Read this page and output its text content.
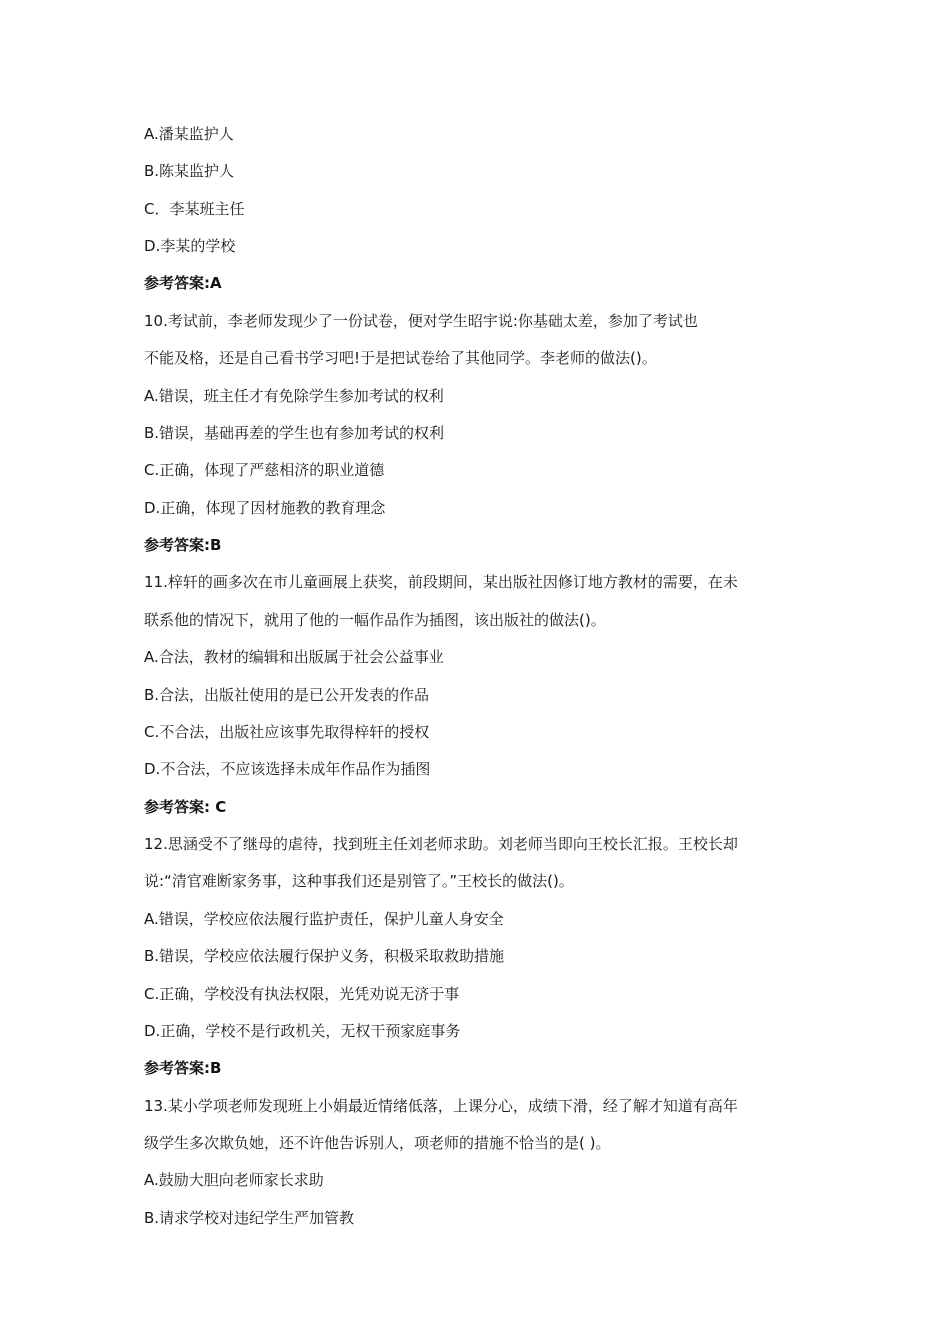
A.潘某监护人
B.陈某监护人
C．李某班主任
D.李某的学校
参考答案:A
10.考试前，李老师发现少了一份试卷，便对学生昭宇说:你基础太差，参加了考试也
不能及格，还是自己看书学习吧!于是把试卷给了其他同学。李老师的做法()。
A.错误，班主任才有免除学生参加考试的权利
B.错误，基础再差的学生也有参加考试的权利
C.正确，体现了严慈相济的职业道德
D.正确，体现了因材施教的教育理念
参考答案:B
11.梓轩的画多次在市儿童画展上获奖，前段期间，某出版社因修订地方教材的需要，在未
联系他的情况下，就用了他的一幅作品作为插图，该出版社的做法()。
A.合法，教材的编辑和出版属于社会公益事业
B.合法，出版社使用的是已公开发表的作品
C.不合法，出版社应该事先取得梓轩的授权
D.不合法，不应该选择未成年作品作为插图
参考答案: C
12.思涵受不了继母的虐待，找到班主任刘老师求助。刘老师当即向王校长汇报。王校长却
说:“清官难断家务事，这种事我们还是别管了。”王校长的做法()。
A.错误，学校应依法履行监护责任，保护儿童人身安全
B.错误，学校应依法履行保护义务，积极采取救助措施
C.正确，学校没有执法权限，光凭劝说无济于事
D.正确，学校不是行政机关，无权干预家庭事务
参考答案:B
13.某小学项老师发现班上小娟最近情绪低落，上课分心，成绩下滑，经了解才知道有高年
级学生多次欺负她，还不许他告诉别人，项老师的措施不恰当的是( )。
A.鼓励大胆向老师家长求助
B.请求学校对违纪学生严加管教
